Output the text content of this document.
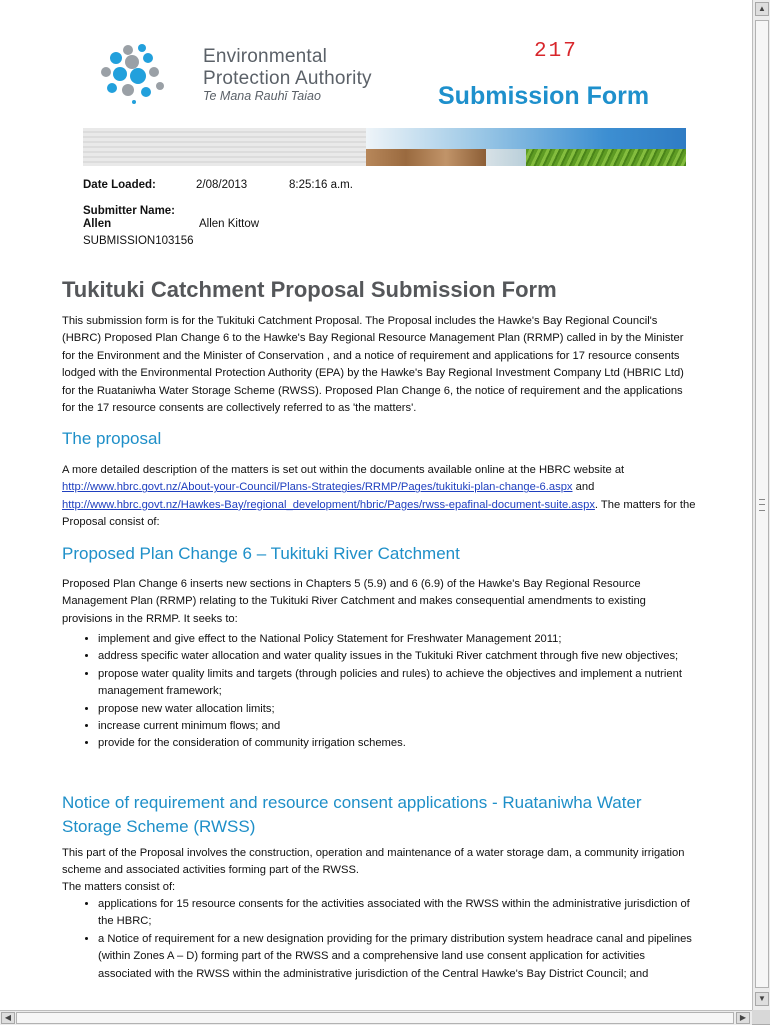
Environmental
Protection Authority
Te Mana Rauhī Taiao
217
Submission Form
Date Loaded:	2/08/2013	8:25:16 a.m.
Submitter Name:
Allen	Allen Kittow
SUBMISSION103156
Tukituki Catchment Proposal Submission Form

This submission form is for the Tukituki Catchment Proposal. The Proposal includes the Hawke's Bay Regional Council's (HBRC) Proposed Plan Change 6 to the Hawke's Bay Regional Resource Management Plan (RRMP) called in by the Minister for the Environment and the Minister of Conservation , and a notice of requirement and applications for 17 resource consents lodged with the Environmental Protection Authority (EPA) by the Hawke's Bay Regional Investment Company Ltd (HBRIC Ltd) for the Ruataniwha Water Storage Scheme (RWSS). Proposed Plan Change 6, the notice of requirement and the applications for the 17 resource consents are collectively referred to as 'the matters'.

The proposal

A more detailed description of the matters is set out within the documents available online at the HBRC website at
http://www.hbrc.govt.nz/About-your-Council/Plans-Strategies/RRMP/Pages/tukituki-plan-change-6.aspx and
http://www.hbrc.govt.nz/Hawkes-Bay/regional_development/hbric/Pages/rwss-epafinal-document-suite.aspx. The matters for the Proposal consist of:

Proposed Plan Change 6 – Tukituki River Catchment

Proposed Plan Change 6 inserts new sections in Chapters 5 (5.9) and 6 (6.9) of the Hawke's Bay Regional Resource Management Plan (RRMP) relating to the Tukituki River Catchment and makes consequential amendments to existing provisions in the RRMP. It seeks to:

• implement and give effect to the National Policy Statement for Freshwater Management 2011;
• address specific water allocation and water quality issues in the Tukituki River catchment through five new objectives;
• propose water quality limits and targets (through policies and rules) to achieve the objectives and implement a nutrient management framework;
• propose new water allocation limits;
• increase current minimum flows; and
• provide for the consideration of community irrigation schemes.
Notice of requirement and resource consent applications - Ruataniwha Water Storage Scheme (RWSS)

This part of the Proposal involves the construction, operation and maintenance of a water storage dam, a community irrigation scheme and associated activities forming part of the RWSS.

The matters consist of:

• applications for 15 resource consents for the activities associated with the RWSS within the administrative jurisdiction of the HBRC;
• a Notice of requirement for a new designation providing for the primary distribution system headrace canal and pipelines (within Zones A – D) forming part of the RWSS and a comprehensive land use consent application for activities associated with the RWSS within the administrative jurisdiction of the Central Hawke's Bay District Council; and
▲
▼
◀	▶
